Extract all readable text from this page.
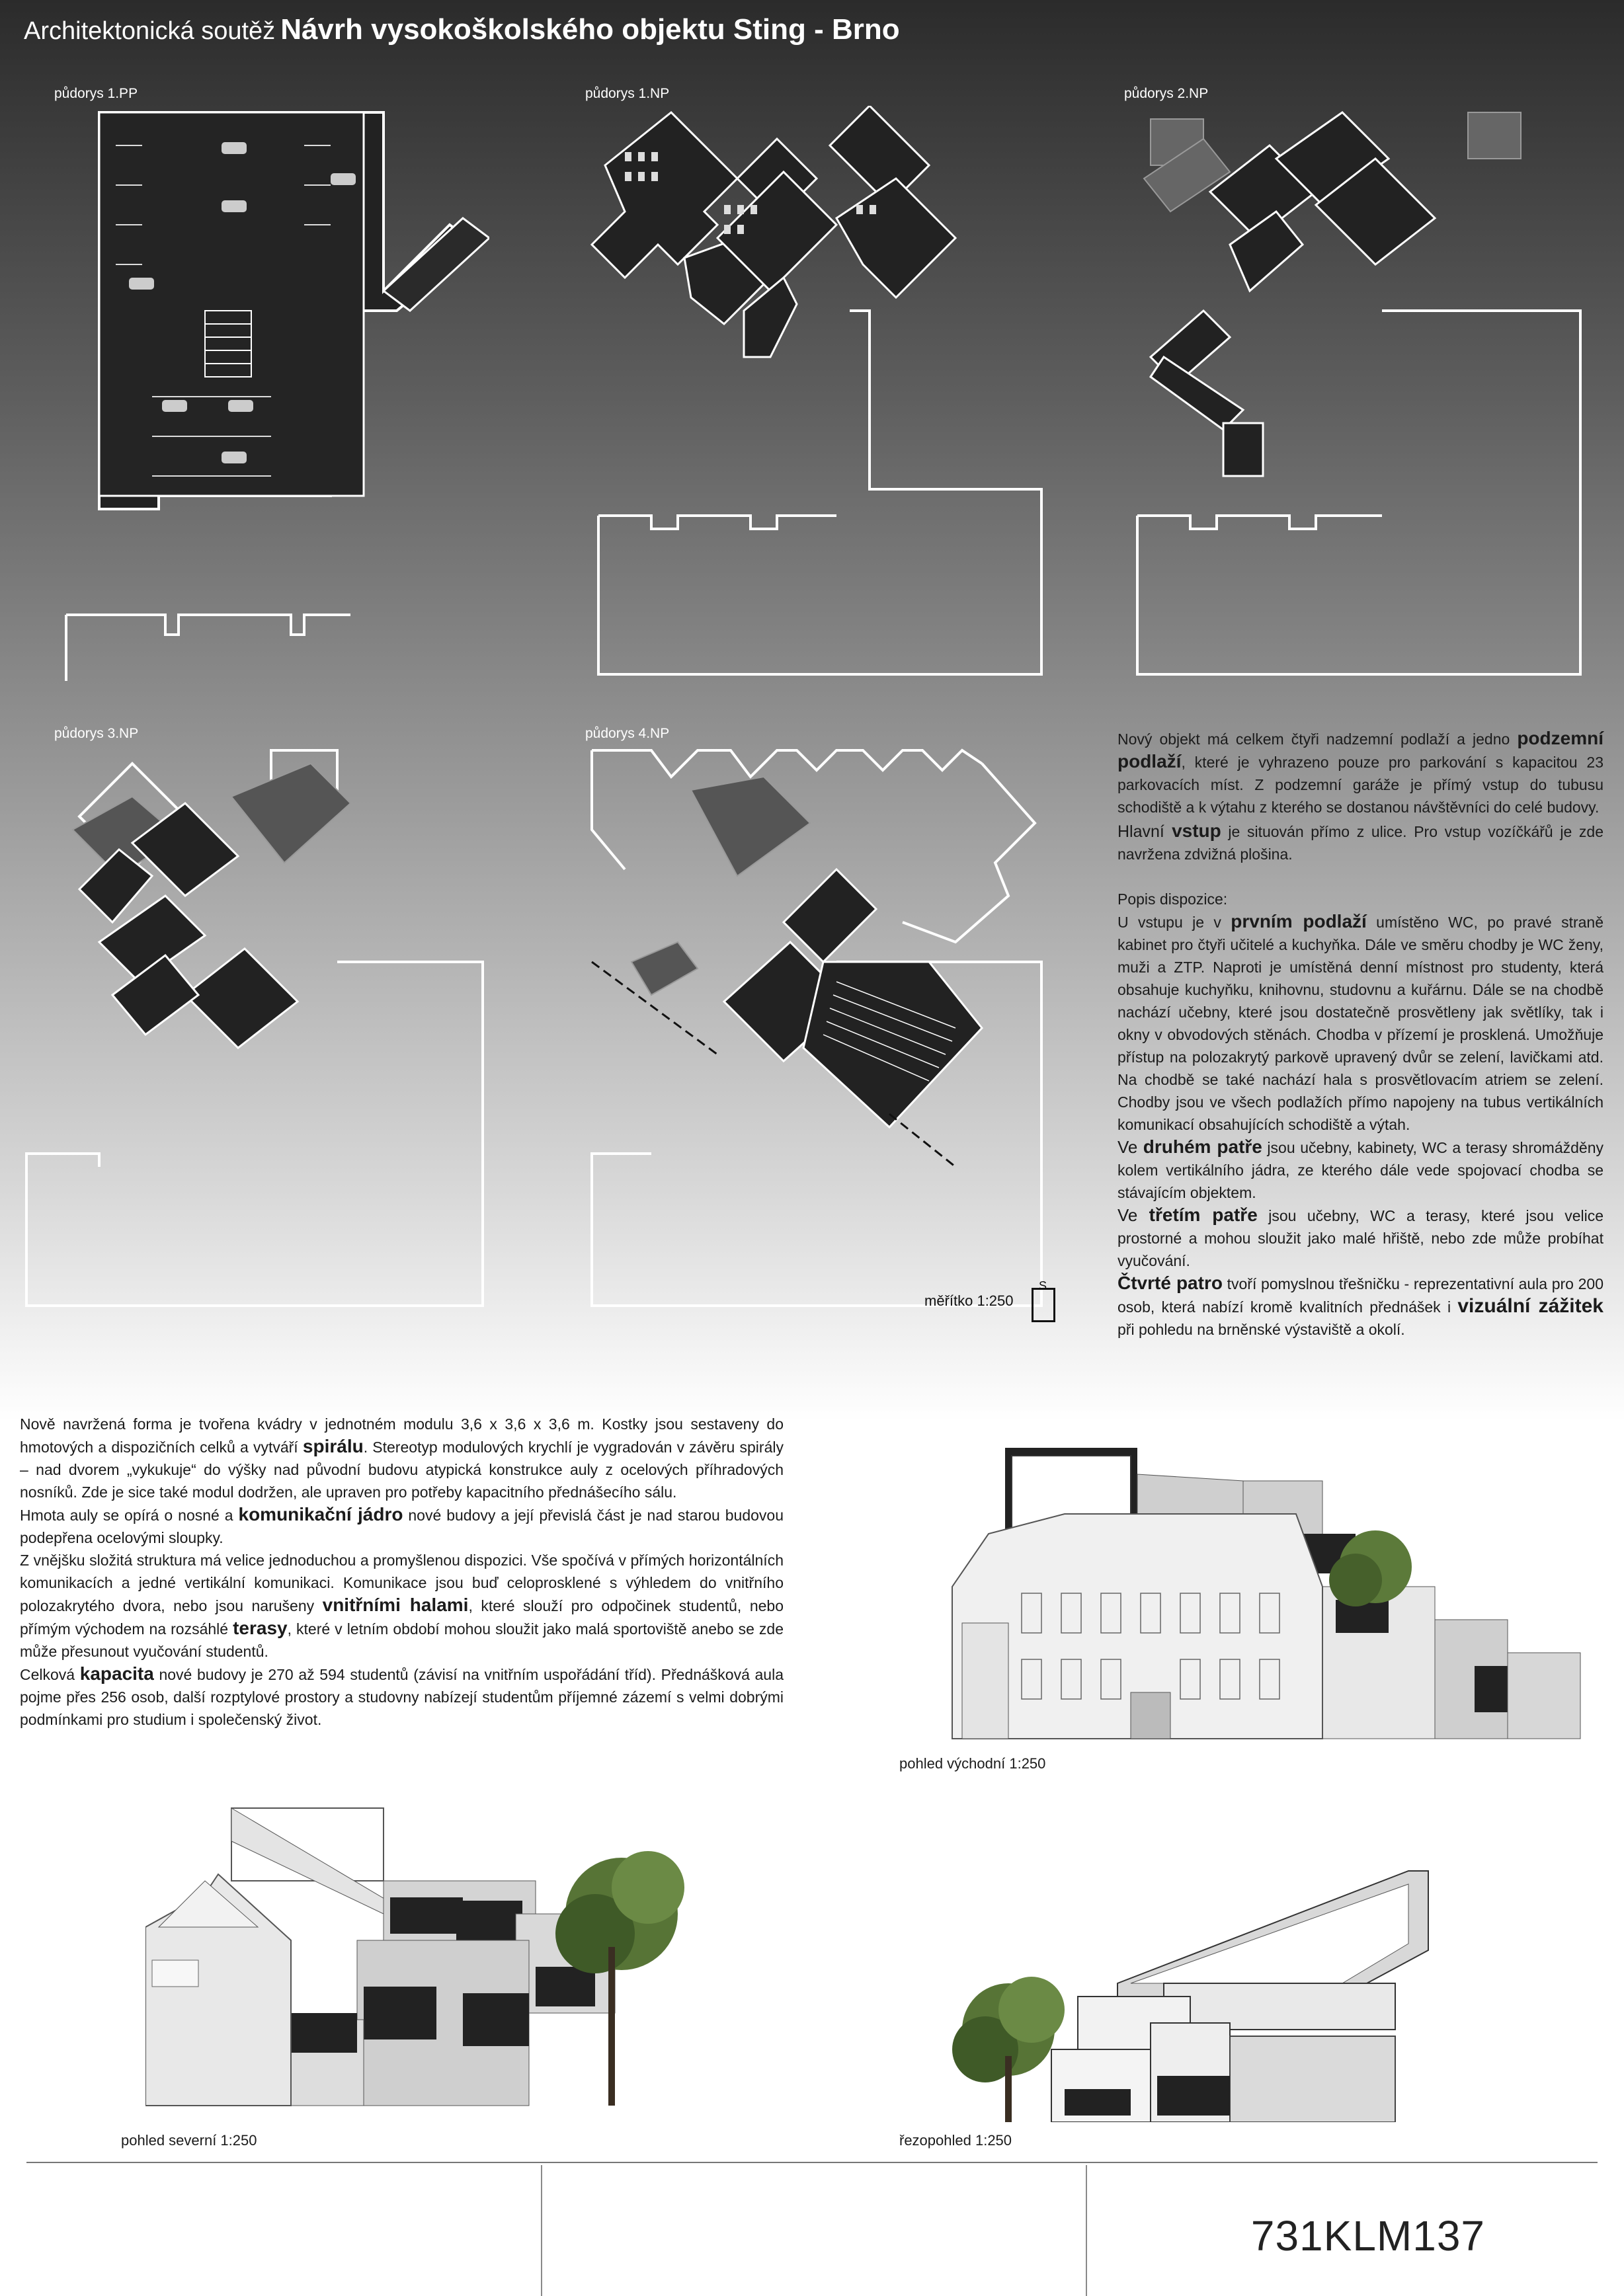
Architektonická soutěž Návrh vysokoškolského objektu Sting - Brno
půdorys 1.PP	půdorys 1.NP	půdorys 2.NP
půdorys 3.NP	půdorys 4.NP
měřítko 1:250
S

Nový objekt má celkem čtyři nadzemní podlaží a jedno podzemní podlaží, které je vyhrazeno pouze pro parkování s kapacitou 23 parkovacích míst. Z podzemní garáže je přímý vstup do tubusu schodiště a k výtahu z kterého se dostanou návštěvníci do celé budovy.

Hlavní vstup je situován přímo z ulice. Pro vstup vozíčkářů je zde navržena zdvižná plošina.

Popis dispozice:

U vstupu je v prvním podlaží umístěno WC, po pravé straně kabinet pro čtyři učitelé a kuchyňka. Dále ve směru chodby je WC ženy, muži a ZTP. Naproti je umístěná denní místnost pro studenty, která obsahuje kuchyňku, knihovnu, studovnu a kuřárnu. Dále se na chodbě nachází učebny, které jsou dostatečně prosvětleny jak světlíky, tak i okny v obvodových stěnách. Chodba v přízemí je prosklená. Umožňuje přístup na polozakrytý parkově upravený dvůr se zelení, lavičkami atd. Na chodbě se také nachází hala s prosvětlovacím atriem se zelení. Chodby jsou ve všech podlažích přímo napojeny na tubus vertikálních komunikací obsahujících schodiště a výtah.

Ve druhém patře jsou učebny, kabinety, WC a terasy shromážděny kolem vertikálního jádra, ze kterého dále vede spojovací chodba se stávajícím objektem.

Ve třetím patře jsou učebny, WC a terasy, které jsou velice prostorné a mohou sloužit jako malé hřiště, nebo zde může probíhat vyučování.

Čtvrté patro tvoří pomyslnou třešničku - reprezentativní aula pro 200 osob, která nabízí kromě kvalitních přednášek i vizuální zážitek při pohledu na brněnské výstaviště a okolí.

Nově navržená forma je tvořena kvádry v jednotném modulu 3,6 x 3,6 x 3,6 m. Kostky jsou sestaveny do hmotových a dispozičních celků a vytváří spirálu. Stereotyp modulových krychlí je vygradován v závěru spirály – nad dvorem „vykukuje“ do výšky nad původní budovu atypická konstrukce auly z ocelových příhradových nosníků. Zde je sice také modul dodržen, ale upraven pro potřeby kapacitního přednášecího sálu.

Hmota auly se opírá o nosné a komunikační jádro nové budovy a její převislá část je nad starou budovou podepřena ocelovými sloupky.

Z vnějšku složitá struktura má velice jednoduchou a promyšlenou dispozici. Vše spočívá v přímých horizontálních komunikacích a jedné vertikální komunikaci. Komunikace jsou buď celoprosklené s výhledem do vnitřního polozakrytého dvora, nebo jsou narušeny vnitřními halami, které slouží pro odpočinek studentů, nebo přímým východem na rozsáhlé terasy, které v letním období mohou sloužit jako malá sportoviště anebo se zde může přesunout vyučování studentů.

Celková kapacita nové budovy je 270 až 594 studentů (závisí na vnitřním uspořádání tříd). Přednášková aula pojme přes 256 osob, další rozptylové prostory a studovny nabízejí studentům příjemné zázemí s velmi dobrými podmínkami pro studium i společenský život.

pohled východní 1:250
pohled severní 1:250	řezopohled 1:250
731KLM137
